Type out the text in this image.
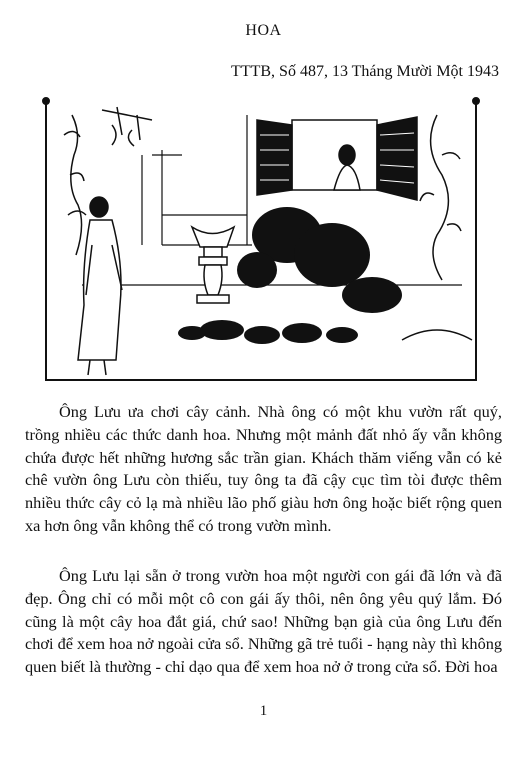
HOA
TTTB, Số 487, 13 Tháng Mười Một 1943

Ông Lưu ưa chơi cây cảnh. Nhà ông có một khu vườn rất quý, trồng nhiều các thức danh hoa. Nhưng một mảnh đất nhỏ ấy vẫn không chứa được hết những hương sắc trần gian. Khách thăm viếng vẫn có kẻ chê vườn ông Lưu còn thiếu, tuy ông ta đã cậy cục tìm tòi được thêm nhiều thức cây cỏ lạ mà nhiều lão phố giàu hơn ông hoặc biết rộng quen xa hơn ông vẫn không thể có trong vườn mình.

Ông Lưu lại sẵn ở trong vườn hoa một người con gái đã lớn và đã đẹp. Ông chỉ có mỗi một cô con gái ấy thôi, nên ông yêu quý lắm. Đó cũng là một cây hoa đắt giá, chứ sao! Những bạn già của ông Lưu đến chơi để xem hoa nở ngoài cửa sổ. Những gã trẻ tuổi - hạng này thì không quen biết là thường - chỉ dạo qua để xem hoa nở ở trong cửa sổ. Đời hoa

1
